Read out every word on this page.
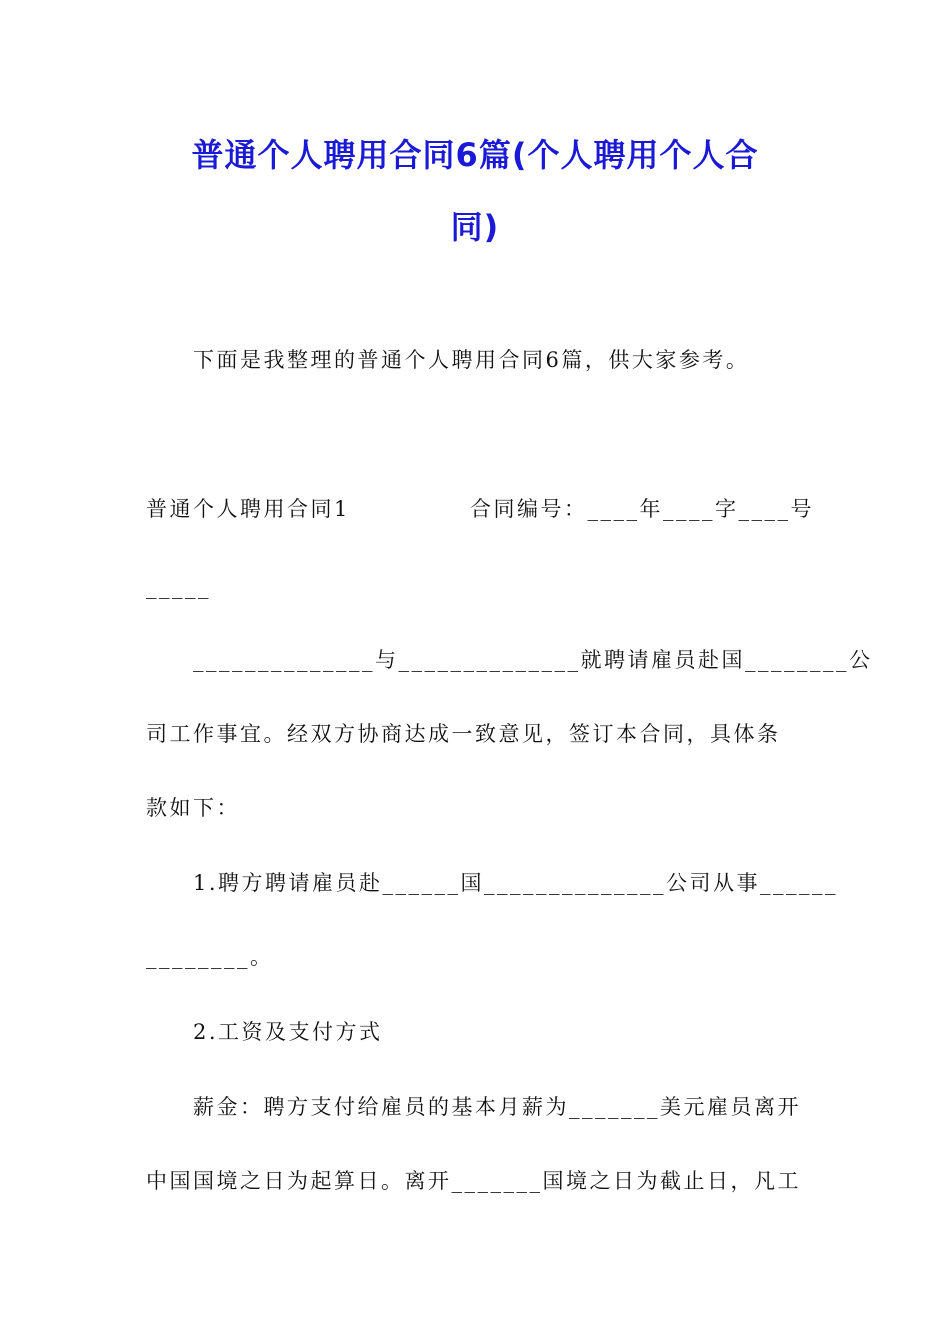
普通个人聘用合同6篇(个人聘用个人合
同)
下面是我整理的普通个人聘用合同6篇，供大家参考。
普通个人聘用合同1	合同编号：____年____字____号
_____
______________与______________就聘请雇员赴国________公
司工作事宜。经双方协商达成一致意见，签订本合同，具体条
款如下：
1.聘方聘请雇员赴______国______________公司从事______
________。
2.工资及支付方式
薪金：聘方支付给雇员的基本月薪为_______美元雇员离开
中国国境之日为起算日。离开_______国境之日为截止日，凡工
